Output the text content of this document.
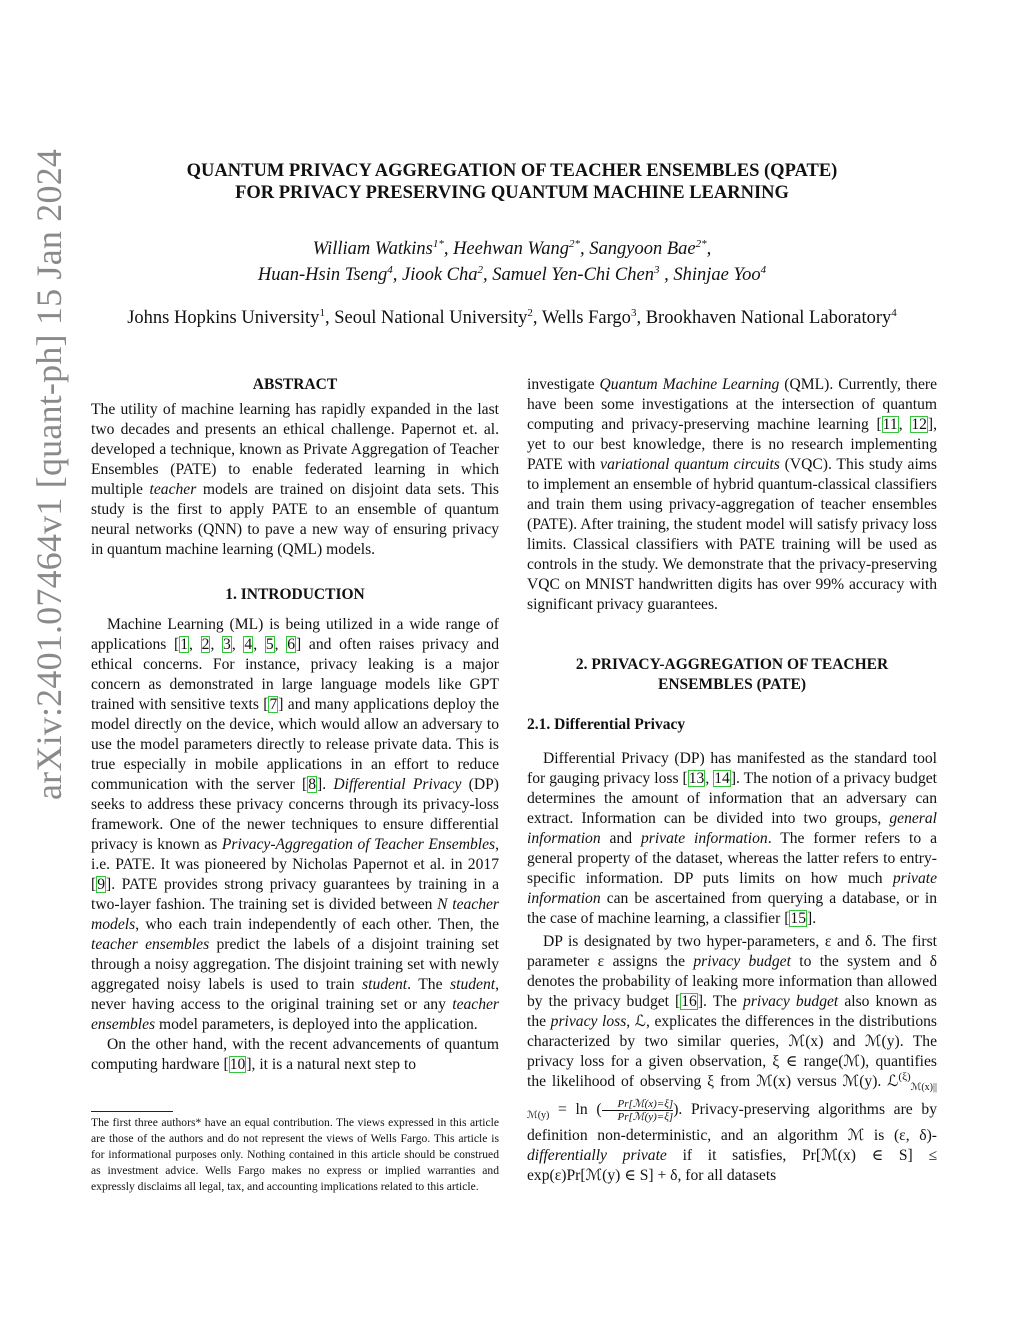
arXiv:2401.07464v1 [quant-ph] 15 Jan 2024	QUANTUM PRIVACY AGGREGATION OF TEACHER ENSEMBLES (QPATE)
FOR PRIVACY PRESERVING QUANTUM MACHINE LEARNING
William Watkins$^{1*}$, Heehwan Wang$^{2*}$, Sangyoon Bae$^{2*}$,
Huan-Hsin Tseng$^4$, Jiook Cha$^2$, Samuel Yen-Chi Chen$^3$ , Shinjae Yoo$^4$
Johns Hopkins University$^1$, Seoul National University$^2$, Wells Fargo$^3$, Brookhaven National Laboratory$^4$
ABSTRACT

The utility of machine learning has rapidly expanded in the last two decades and presents an ethical challenge. Papernot et. al. developed a technique, known as Private Aggregation of Teacher Ensembles (PATE) to enable federated learning in which multiple teacher models are trained on disjoint data sets. This study is the first to apply PATE to an ensemble of quantum neural networks (QNN) to pave a new way of ensuring privacy in quantum machine learning (QML) models.

1. INTRODUCTION

Machine Learning (ML) is being utilized in a wide range of applications [1, 2, 3, 4, 5, 6] and often raises privacy and ethical concerns. For instance, privacy leaking is a major concern as demonstrated in large language models like GPT trained with sensitive texts [7] and many applications deploy the model directly on the device, which would allow an adversary to use the model parameters directly to release private data. This is true especially in mobile applications in an effort to reduce communication with the server [8]. Differential Privacy (DP) seeks to address these privacy concerns through its privacy-loss framework. One of the newer techniques to ensure differential privacy is known as Privacy-Aggregation of Teacher Ensembles, i.e. PATE. It was pioneered by Nicholas Papernot et al. in 2017 [9]. PATE provides strong privacy guarantees by training in a two-layer fashion. The training set is divided between N teacher models, who each train independently of each other. Then, the teacher ensembles predict the labels of a disjoint training set through a noisy aggregation. The disjoint training set with newly aggregated noisy labels is used to train student. The student, never having access to the original training set or any teacher ensembles model parameters, is deployed into the application.

On the other hand, with the recent advancements of quantum computing hardware [10], it is a natural next step to

The first three authors* have an equal contribution. The views expressed in this article are those of the authors and do not represent the views of Wells Fargo. This article is for informational purposes only. Nothing contained in this article should be construed as investment advice. Wells Fargo makes no express or implied warranties and expressly disclaims all legal, tax, and accounting implications related to this article.

investigate Quantum Machine Learning (QML). Currently, there have been some investigations at the intersection of quantum computing and privacy-preserving machine learning [11, 12], yet to our best knowledge, there is no research implementing PATE with variational quantum circuits (VQC). This study aims to implement an ensemble of hybrid quantum-classical classifiers and train them using privacy-aggregation of teacher ensembles (PATE). After training, the student model will satisfy privacy loss limits. Classical classifiers with PATE training will be used as controls in the study. We demonstrate that the privacy-preserving VQC on MNIST handwritten digits has over 99% accuracy with significant privacy guarantees.

2. PRIVACY-AGGREGATION OF TEACHER
ENSEMBLES (PATE)
2.1. Differential Privacy

Differential Privacy (DP) has manifested as the standard tool for gauging privacy loss [13, 14]. The notion of a privacy budget determines the amount of information that an adversary can extract. Information can be divided into two groups, general information and private information. The former refers to a general property of the dataset, whereas the latter refers to entry-specific information. DP puts limits on how much private information can be ascertained from querying a database, or in the case of machine learning, a classifier [15].

DP is designated by two hyper-parameters, ε and δ. The first parameter ε assigns the privacy budget to the system and δ denotes the probability of leaking more information than allowed by the privacy budget [16]. The privacy budget also known as the privacy loss, ℒ, explicates the differences in the distributions characterized by two similar queries, ℳ(x) and ℳ(y). The privacy loss for a given observation, ξ ∈ range(ℳ), quantifies the likelihood of observing ξ from ℳ(x) versus ℳ(y). ℒ$^{(\xi)}_{ℳ(x)||ℳ(y)}$ = ln (	Pr[ℳ(x)=ξ]
Pr[ℳ(y)=ξ] ). Privacy-preserving algorithms are by definition non-deterministic, and an algorithm ℳ is (ε, δ)-differentially private if it satisfies, Pr[ℳ(x) ∈ S] ≤ exp(ε)Pr[ℳ(y) ∈ S] + δ, for all datasets
